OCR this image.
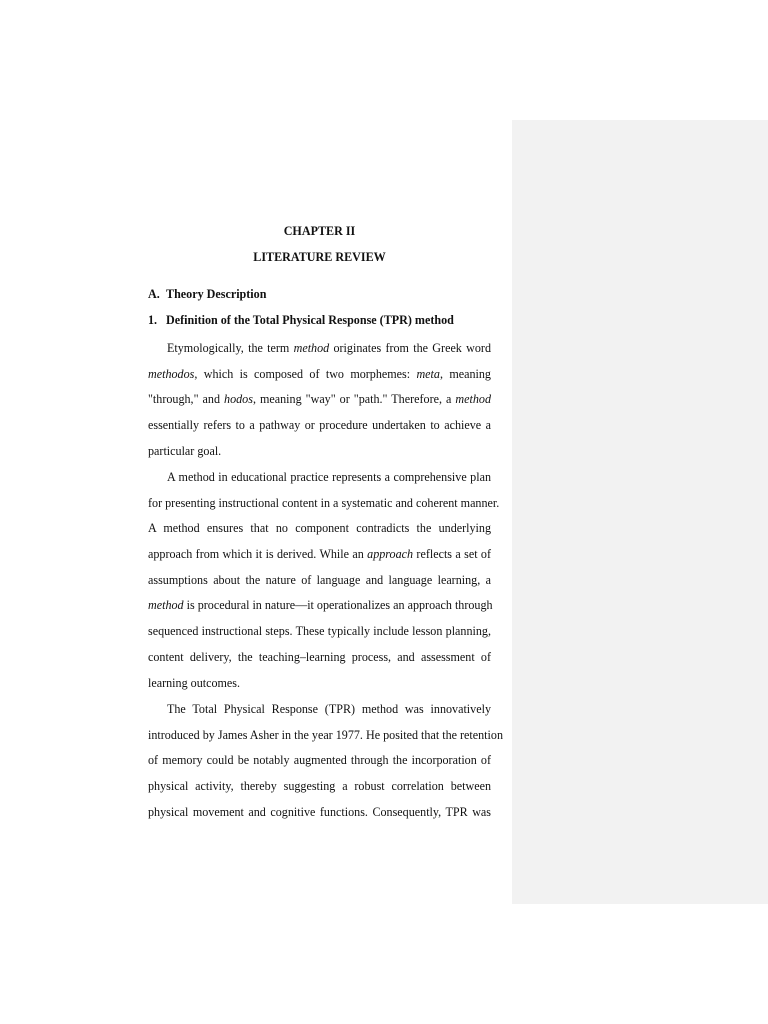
CHAPTER II
LITERATURE REVIEW
A. Theory Description
1. Definition of the Total Physical Response (TPR) method
Etymologically, the term method originates from the Greek word
methodos, which is composed of two morphemes: meta, meaning
"through," and hodos, meaning "way" or "path." Therefore, a method
essentially refers to a pathway or procedure undertaken to achieve a
particular goal.
A method in educational practice represents a comprehensive plan
for presenting instructional content in a systematic and coherent manner.
A method ensures that no component contradicts the underlying
approach from which it is derived. While an approach reflects a set of
assumptions about the nature of language and language learning, a
method is procedural in nature—it operationalizes an approach through
sequenced instructional steps. These typically include lesson planning,
content delivery, the teaching–learning process, and assessment of
learning outcomes.
The Total Physical Response (TPR) method was innovatively
introduced by James Asher in the year 1977. He posited that the retention
of memory could be notably augmented through the incorporation of
physical activity, thereby suggesting a robust correlation between
physical movement and cognitive functions. Consequently, TPR was
